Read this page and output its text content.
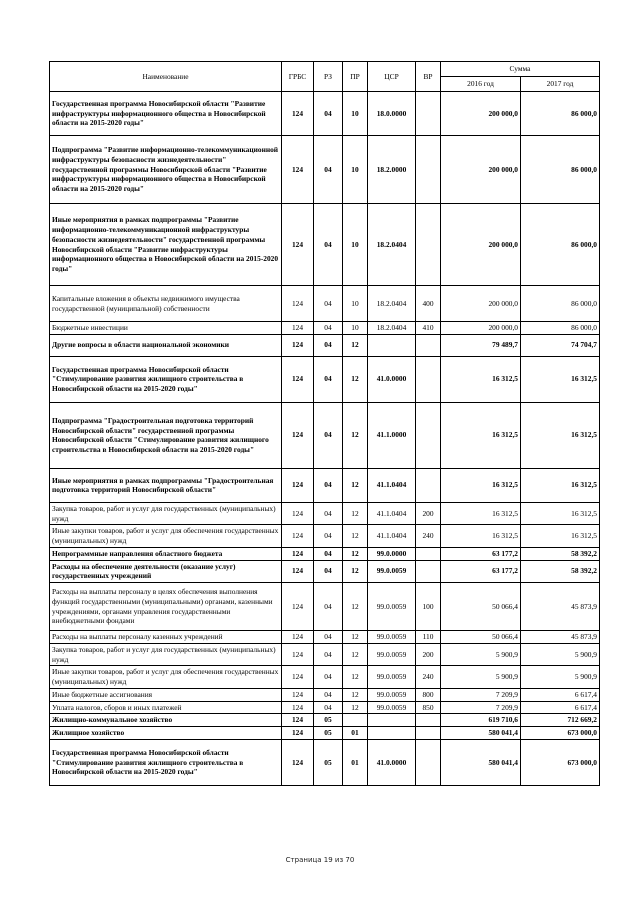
Наименование	ГРБС	РЗ	ПР	ЦСР	ВР	Сумма	
						2016 год	2017 год
Государственная программа Новосибирской области "Развитие инфраструктуры информационного общества в Новосибирской области на 2015-2020 годы"	124	04	10	18.0.0000		200 000,0	86 000,0
Подпрограмма "Развитие информационно-телекоммуникационной инфраструктуры безопасности жизнедеятельности" государственной программы Новосибирской области "Развитие инфраструктуры информационного общества в Новосибирской области на 2015-2020 годы"	124	04	10	18.2.0000		200 000,0	86 000,0
Иные мероприятия в рамках подпрограммы "Развитие информационно-телекоммуникационной инфраструктуры безопасности жизнедеятельности" государственной программы Новосибирской области "Развитие инфраструктуры информационного общества в Новосибирской области на 2015-2020 годы"	124	04	10	18.2.0404		200 000,0	86 000,0
Капитальные вложения в объекты недвижимого имущества государственной (муниципальной) собственности	124	04	10	18.2.0404	400	200 000,0	86 000,0
Бюджетные инвестиции	124	04	10	18.2.0404	410	200 000,0	86 000,0
Другие вопросы в области национальной экономики	124	04	12			79 489,7	74 704,7
Государственная программа Новосибирской области "Стимулирование развития жилищного строительства в Новосибирской области на 2015-2020 годы"	124	04	12	41.0.0000		16 312,5	16 312,5
Подпрограмма "Градостроительная подготовка территорий Новосибирской области" государственной программы Новосибирской области "Стимулирование развития жилищного строительства в Новосибирской области на 2015-2020 годы"	124	04	12	41.1.0000		16 312,5	16 312,5
Иные мероприятия в рамках подпрограммы "Градостроительная подготовка территорий Новосибирской области"	124	04	12	41.1.0404		16 312,5	16 312,5
Закупка товаров, работ и услуг для государственных (муниципальных) нужд	124	04	12	41.1.0404	200	16 312,5	16 312,5
Иные закупки товаров, работ и услуг для обеспечения государственных (муниципальных) нужд	124	04	12	41.1.0404	240	16 312,5	16 312,5
Непрограммные направления областного бюджета	124	04	12	99.0.0000		63 177,2	58 392,2
Расходы на обеспечение деятельности (оказание услуг) государственных учреждений	124	04	12	99.0.0059		63 177,2	58 392,2
Расходы на выплаты персоналу в целях обеспечения выполнения функций государственными (муниципальными) органами, казенными учреждениями, органами управления государственными внебюджетными фондами	124	04	12	99.0.0059	100	50 066,4	45 873,9
Расходы на выплаты персоналу казенных учреждений	124	04	12	99.0.0059	110	50 066,4	45 873,9
Закупка товаров, работ и услуг для государственных (муниципальных) нужд	124	04	12	99.0.0059	200	5 900,9	5 900,9
Иные закупки товаров, работ и услуг для обеспечения государственных (муниципальных) нужд	124	04	12	99.0.0059	240	5 900,9	5 900,9
Иные бюджетные ассигнования	124	04	12	99.0.0059	800	7 209,9	6 617,4
Уплата налогов, сборов и иных платежей	124	04	12	99.0.0059	850	7 209,9	6 617,4
Жилищно-коммунальное хозяйство	124	05				619 710,6	712 669,2
Жилищное хозяйство	124	05	01			580 041,4	673 000,0
Государственная программа Новосибирской области "Стимулирование развития жилищного строительства в Новосибирской области на 2015-2020 годы"	124	05	01	41.0.0000		580 041,4	673 000,0
Страница 19 из 70
